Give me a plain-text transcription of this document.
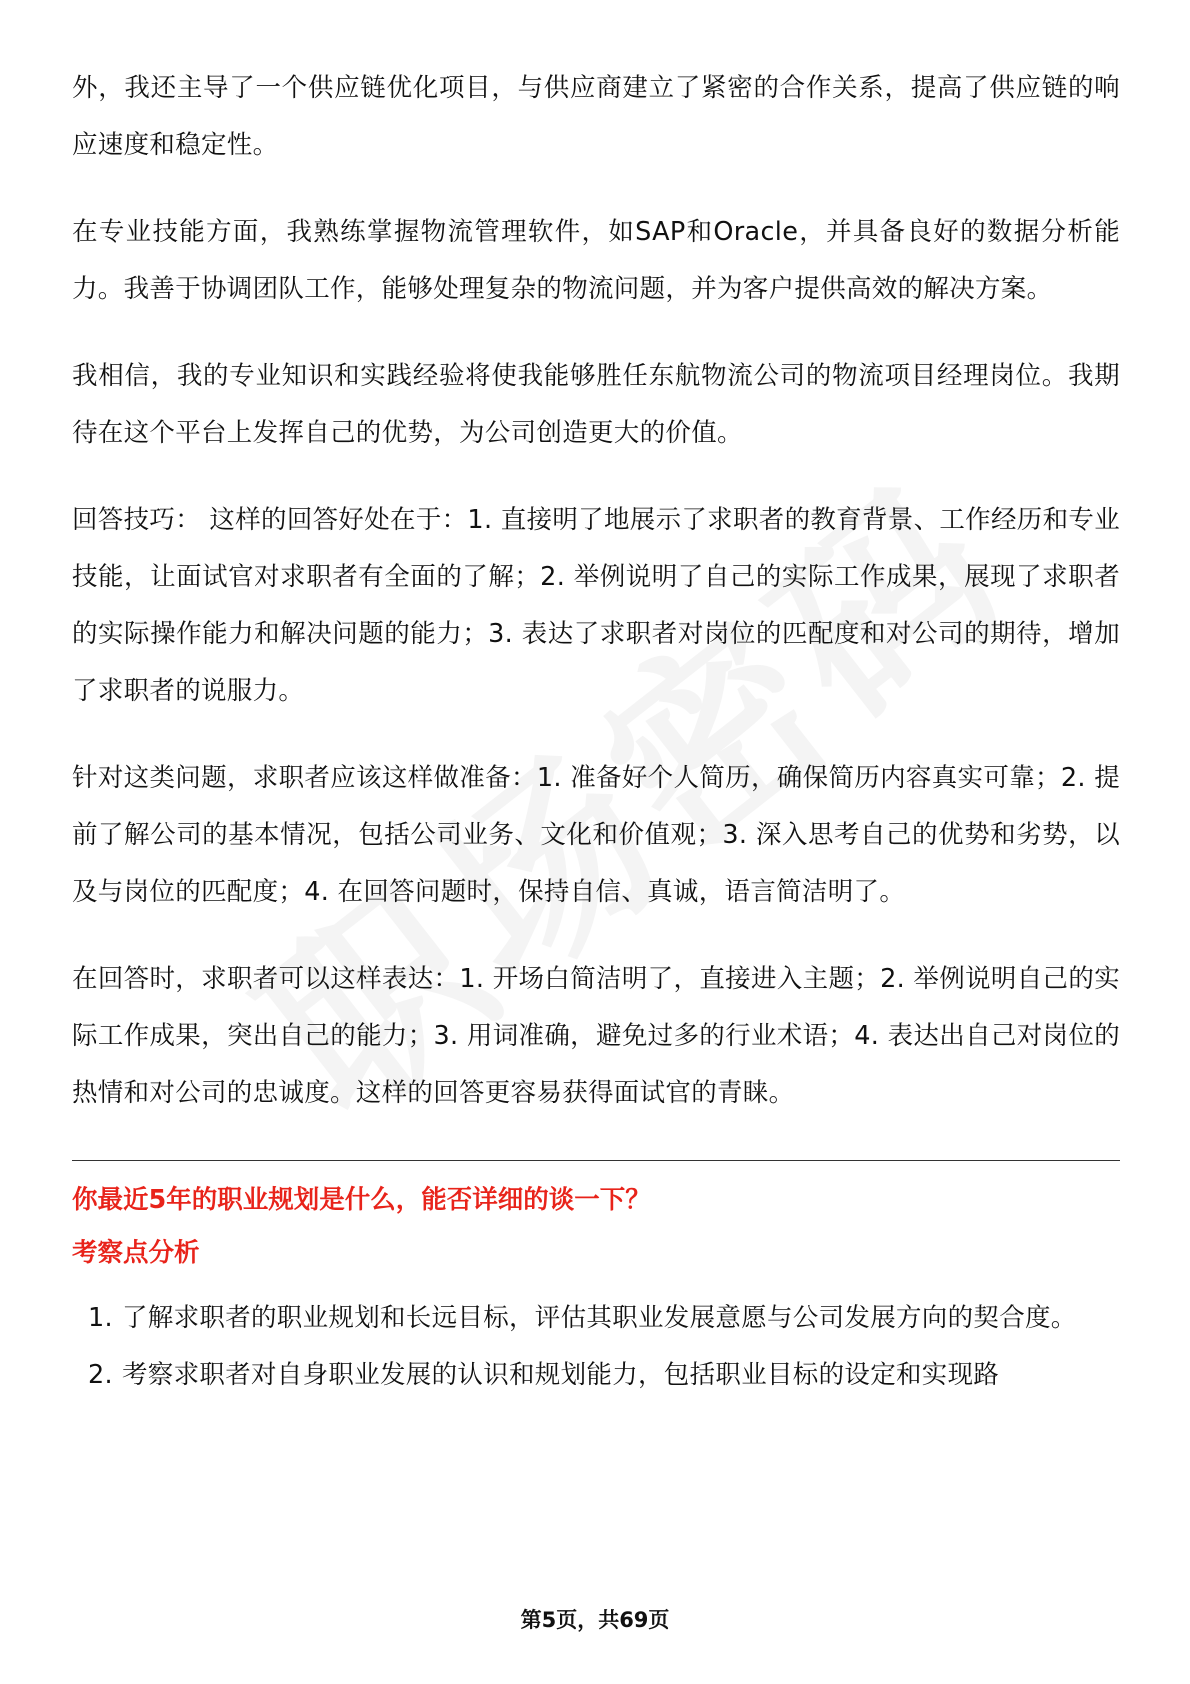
外，我还主导了一个供应链优化项目，与供应商建立了紧密的合作关系，提高了供应链的响应速度和稳定性。

在专业技能方面，我熟练掌握物流管理软件，如SAP和Oracle，并具备良好的数据分析能力。我善于协调团队工作，能够处理复杂的物流问题，并为客户提供高效的解决方案。

我相信，我的专业知识和实践经验将使我能够胜任东航物流公司的物流项目经理岗位。我期待在这个平台上发挥自己的优势，为公司创造更大的价值。

回答技巧： 这样的回答好处在于：1. 直接明了地展示了求职者的教育背景、工作经历和专业技能，让面试官对求职者有全面的了解；2. 举例说明了自己的实际工作成果，展现了求职者的实际操作能力和解决问题的能力；3. 表达了求职者对岗位的匹配度和对公司的期待，增加了求职者的说服力。

针对这类问题，求职者应该这样做准备：1. 准备好个人简历，确保简历内容真实可靠；2. 提前了解公司的基本情况，包括公司业务、文化和价值观；3. 深入思考自己的优势和劣势，以及与岗位的匹配度；4. 在回答问题时，保持自信、真诚，语言简洁明了。

在回答时，求职者可以这样表达：1. 开场白简洁明了，直接进入主题；2. 举例说明自己的实际工作成果，突出自己的能力；3. 用词准确，避免过多的行业术语；4. 表达出自己对岗位的热情和对公司的忠诚度。这样的回答更容易获得面试官的青睐。

你最近5年的职业规划是什么，能否详细的谈一下？
考察点分析
1. 了解求职者的职业规划和长远目标，评估其职业发展意愿与公司发展方向的契合度。
2. 考察求职者对自身职业发展的认识和规划能力，包括职业目标的设定和实现路
第5页，共69页
